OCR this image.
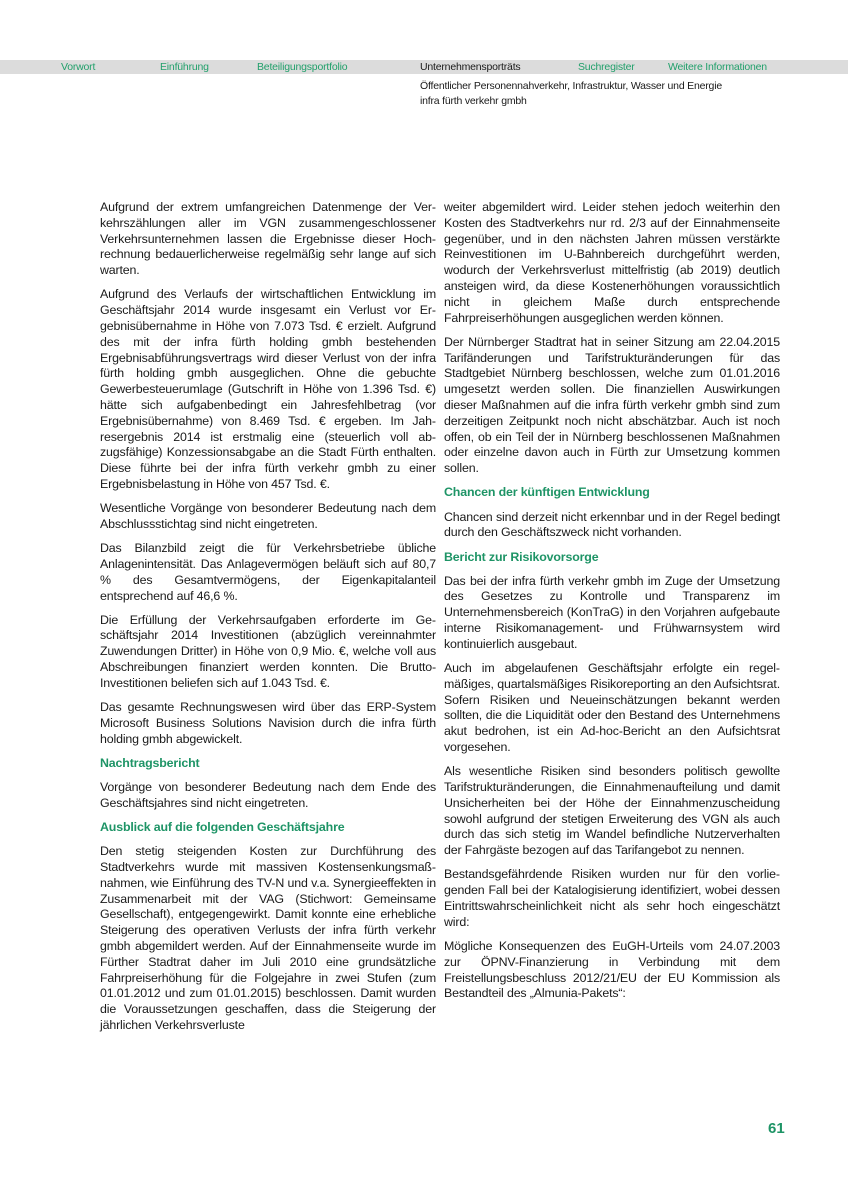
Vorwort	Einführung	Beteiligungsportfolio	Unternehmensporträts	Suchregister	Weitere Informationen
Öffentlicher Personennahverkehr, Infrastruktur, Wasser und Energie
infra fürth verkehr gmbh

Aufgrund der extrem umfangreichen Datenmenge der Verkehrszählungen aller im VGN zusammengeschlossener Verkehrsunternehmen lassen die Ergebnisse dieser Hochrechnung bedauerlicherweise regelmäßig sehr lange auf sich warten.

Aufgrund des Verlaufs der wirtschaftlichen Entwicklung im Geschäftsjahr 2014 wurde insgesamt ein Verlust vor Ergebnisübernahme in Höhe von 7.073 Tsd. € erzielt. Aufgrund des mit der infra fürth holding gmbh bestehenden Ergebnisabführungsvertrags wird dieser Verlust von der infra fürth holding gmbh ausgeglichen. Ohne die gebuchte Gewerbesteuerumlage (Gutschrift in Höhe von 1.396 Tsd. €) hätte sich aufgabenbedingt ein Jahresfehlbetrag (vor Ergebnisübernahme) von 8.469 Tsd. € ergeben. Im Jahresergebnis 2014 ist erstmalig eine (steuerlich voll abzugsfähige) Konzessionsabgabe an die Stadt Fürth enthalten. Diese führte bei der infra fürth verkehr gmbh zu einer Ergebnisbelastung in Höhe von 457 Tsd. €.

Wesentliche Vorgänge von besonderer Bedeutung nach dem Abschlussstichtag sind nicht eingetreten.

Das Bilanzbild zeigt die für Verkehrsbetriebe übliche Anlagenintensität. Das Anlagevermögen beläuft sich auf 80,7 % des Gesamtvermögens, der Eigenkapitalanteil entsprechend auf 46,6 %.

Die Erfüllung der Verkehrsaufgaben erforderte im Geschäftsjahr 2014 Investitionen (abzüglich vereinnahmter Zuwendungen Dritter) in Höhe von 0,9 Mio. €, welche voll aus Abschreibungen finanziert werden konnten. Die Brutto-Investitionen beliefen sich auf 1.043 Tsd. €.

Das gesamte Rechnungswesen wird über das ERP-System Microsoft Business Solutions Navision durch die infra fürth holding gmbh abgewickelt.

Nachtragsbericht

Vorgänge von besonderer Bedeutung nach dem Ende des Geschäftsjahres sind nicht eingetreten.

Ausblick auf die folgenden Geschäftsjahre

Den stetig steigenden Kosten zur Durchführung des Stadtverkehrs wurde mit massiven Kostensenkungsmaßnahmen, wie Einführung des TV-N und v.a. Synergieeffekten in Zusammenarbeit mit der VAG (Stichwort: Gemeinsame Gesellschaft), entgegengewirkt. Damit konnte eine erhebliche Steigerung des operativen Verlusts der infra fürth verkehr gmbh abgemildert werden. Auf der Einnahmenseite wurde im Fürther Stadtrat daher im Juli 2010 eine grundsätzliche Fahrpreiserhöhung für die Folgejahre in zwei Stufen (zum 01.01.2012 und zum 01.01.2015) beschlossen. Damit wurden die Voraussetzungen geschaffen, dass die Steigerung der jährlichen Verkehrsverluste

weiter abgemildert wird. Leider stehen jedoch weiterhin den Kosten des Stadtverkehrs nur rd. 2/3 auf der Einnahmenseite gegenüber, und in den nächsten Jahren müssen verstärkte Reinvestitionen im U-Bahnbereich durchgeführt werden, wodurch der Verkehrsverlust mittelfristig (ab 2019) deutlich ansteigen wird, da diese Kostenerhöhungen voraussichtlich nicht in gleichem Maße durch entsprechende Fahrpreiserhöhungen ausgeglichen werden können.

Der Nürnberger Stadtrat hat in seiner Sitzung am 22.04.2015 Tarifänderungen und Tarifstrukturänderungen für das Stadtgebiet Nürnberg beschlossen, welche zum 01.01.2016 umgesetzt werden sollen. Die finanziellen Auswirkungen dieser Maßnahmen auf die infra fürth verkehr gmbh sind zum derzeitigen Zeitpunkt noch nicht abschätzbar. Auch ist noch offen, ob ein Teil der in Nürnberg beschlossenen Maßnahmen oder einzelne davon auch in Fürth zur Umsetzung kommen sollen.

Chancen der künftigen Entwicklung

Chancen sind derzeit nicht erkennbar und in der Regel bedingt durch den Geschäftszweck nicht vorhanden.

Bericht zur Risikovorsorge

Das bei der infra fürth verkehr gmbh im Zuge der Umsetzung des Gesetzes zu Kontrolle und Transparenz im Unternehmensbereich (KonTraG) in den Vorjahren aufgebaute interne Risikomanagement- und Frühwarnsystem wird kontinuierlich ausgebaut.

Auch im abgelaufenen Geschäftsjahr erfolgte ein regelmäßiges, quartalsmäßiges Risikoreporting an den Aufsichtsrat. Sofern Risiken und Neueinschätzungen bekannt werden sollten, die die Liquidität oder den Bestand des Unternehmens akut bedrohen, ist ein Ad-hoc-Bericht an den Aufsichtsrat vorgesehen.

Als wesentliche Risiken sind besonders politisch gewollte Tarifstrukturänderungen, die Einnahmenaufteilung und damit Unsicherheiten bei der Höhe der Einnahmenzuscheidung sowohl aufgrund der stetigen Erweiterung des VGN als auch durch das sich stetig im Wandel befindliche Nutzerverhalten der Fahrgäste bezogen auf das Tarifangebot zu nennen.

Bestandsgefährdende Risiken wurden nur für den vorliegenden Fall bei der Katalogisierung identifiziert, wobei dessen Eintrittswahrscheinlichkeit nicht als sehr hoch eingeschätzt wird:

Mögliche Konsequenzen des EuGH-Urteils vom 24.07.2003 zur ÖPNV-Finanzierung in Verbindung mit dem Freistellungsbeschluss 2012/21/EU der EU Kommission als Bestandteil des „Almunia-Pakets“:

61
